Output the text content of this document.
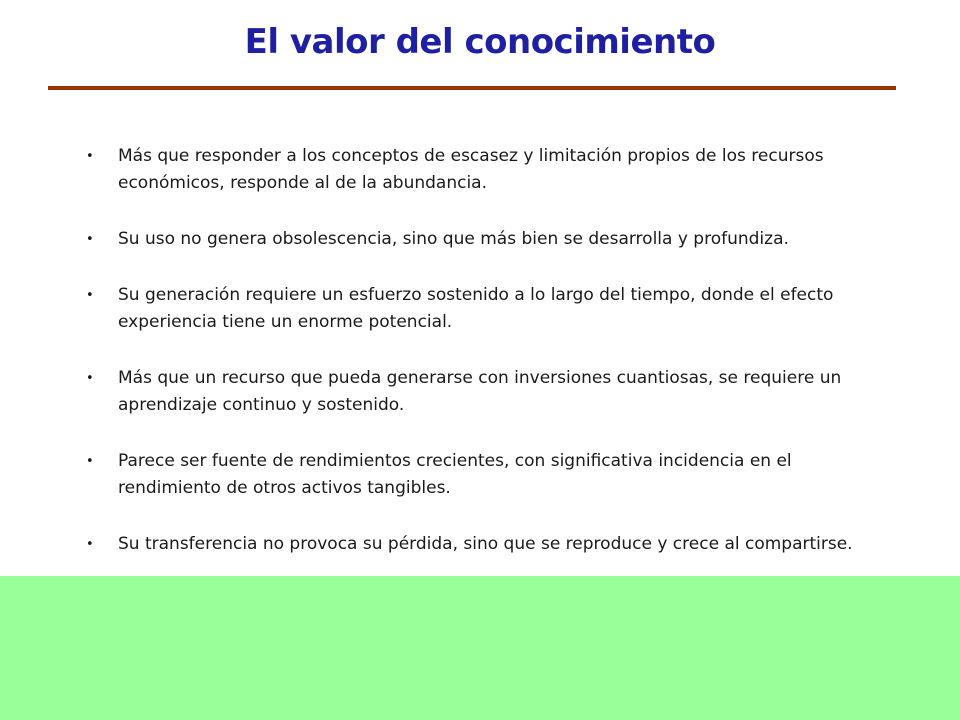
El valor del conocimiento
• Más que responder a los conceptos de escasez y limitación propios de los recursos económicos, responde al de la abundancia.
• Su uso no genera obsolescencia, sino que más bien se desarrolla y profundiza.
• Su generación requiere un esfuerzo sostenido a lo largo del tiempo, donde el efecto experiencia tiene un enorme potencial.
• Más que un recurso que pueda generarse con inversiones cuantiosas, se requiere un aprendizaje continuo y sostenido.
• Parece ser fuente de rendimientos crecientes, con significativa incidencia en el rendimiento de otros activos tangibles.
• Su transferencia no provoca su pérdida, sino que se reproduce y crece al compartirse.
